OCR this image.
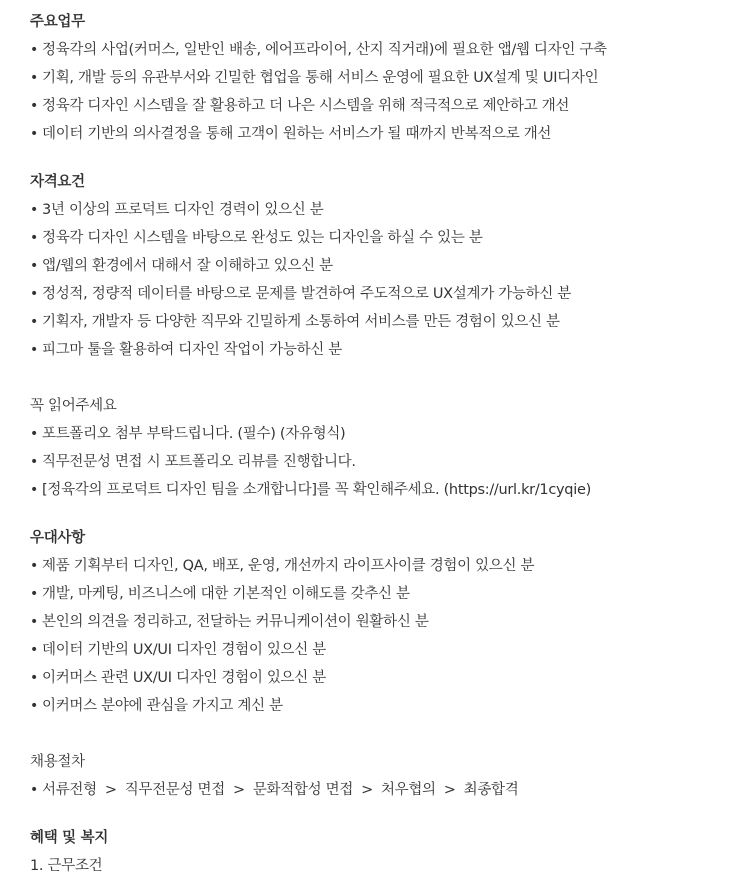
주요업무
• 정육각의 사업(커머스, 일반인 배송, 에어프라이어, 산지 직거래)에 필요한 앱/웹 디자인 구축
• 기획, 개발 등의 유관부서와 긴밀한 협업을 통해 서비스 운영에 필요한 UX설계 및 UI디자인
• 정육각 디자인 시스템을 잘 활용하고 더 나은 시스템을 위해 적극적으로 제안하고 개선
• 데이터 기반의 의사결정을 통해 고객이 원하는 서비스가 될 때까지 반복적으로 개선
자격요건
• 3년 이상의 프로덕트 디자인 경력이 있으신 분
• 정육각 디자인 시스템을 바탕으로 완성도 있는 디자인을 하실 수 있는 분
• 앱/웹의 환경에서 대해서 잘 이해하고 있으신 분
• 정성적, 정량적 데이터를 바탕으로 문제를 발견하여 주도적으로 UX설계가 가능하신 분
• 기획자, 개발자 등 다양한 직무와 긴밀하게 소통하여 서비스를 만든 경험이 있으신 분
• 피그마 툴을 활용하여 디자인 작업이 가능하신 분
꼭 읽어주세요
• 포트폴리오 첨부 부탁드립니다. (필수) (자유형식)
• 직무전문성 면접 시 포트폴리오 리뷰를 진행합니다.
• [정육각의 프로덕트 디자인 팀을 소개합니다]를 꼭 확인해주세요. (https://url.kr/1cyqie)
우대사항
• 제품 기획부터 디자인, QA, 배포, 운영, 개선까지 라이프사이클 경험이 있으신 분
• 개발, 마케팅, 비즈니스에 대한 기본적인 이해도를 갖추신 분
• 본인의 의견을 정리하고, 전달하는 커뮤니케이션이 원활하신 분
• 데이터 기반의 UX/UI 디자인 경험이 있으신 분
• 이커머스 관련 UX/UI 디자인 경험이 있으신 분
• 이커머스 분야에 관심을 가지고 계신 분
채용절차
• 서류전형 > 직무전문성 면접 > 문화적합성 면접 > 처우협의 > 최종합격
혜택 및 복지
1. 근무조건
